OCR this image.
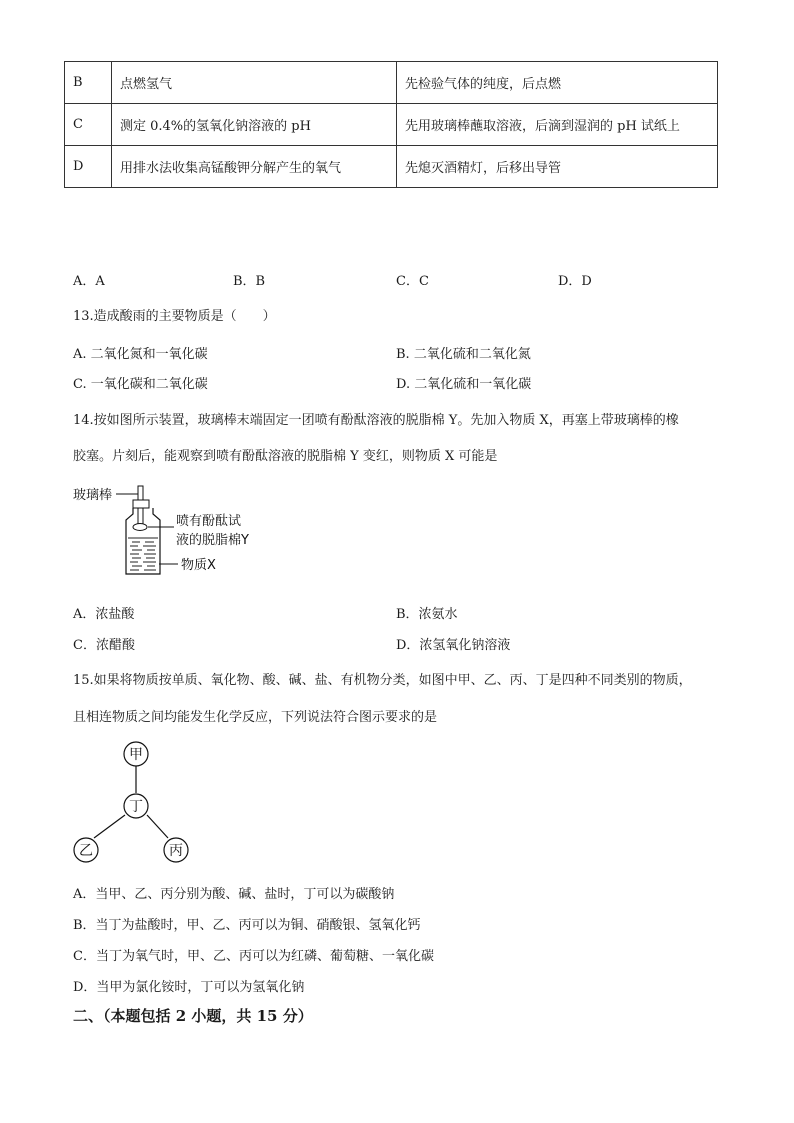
B	点燃氢气	先检验气体的纯度，后点燃
C	测定 0.4%的氢氧化钠溶液的 pH	先用玻璃棒蘸取溶液，后滴到湿润的 pH 试纸上
D	用排水法收集高锰酸钾分解产生的氧气	先熄灭酒精灯，后移出导管
A．A	B．B	C．C	D．D
13.造成酸雨的主要物质是（　　）
A. 二氧化氮和一氧化碳	B. 二氧化硫和二氧化氮
C. 一氧化碳和二氧化碳	D. 二氧化硫和一氧化碳
14.按如图所示装置，玻璃棒末端固定一团喷有酚酞溶液的脱脂棉 Y。先加入物质 X，再塞上带玻璃棒的橡
胶塞。片刻后，能观察到喷有酚酞溶液的脱脂棉 Y 变红，则物质 X 可能是
玻璃棒
喷有酚酞试
液的脱脂棉Y
物质X
A．浓盐酸	B．浓氨水
C．浓醋酸	D．浓氢氧化钠溶液
15.如果将物质按单质、氧化物、酸、碱、盐、有机物分类，如图中甲、乙、丙、丁是四种不同类别的物质，
且相连物质之间均能发生化学反应，下列说法符合图示要求的是
甲
丁
乙	丙
A．当甲、乙、丙分别为酸、碱、盐时，丁可以为碳酸钠
B．当丁为盐酸时，甲、乙、丙可以为铜、硝酸银、氢氧化钙
C．当丁为氧气时，甲、乙、丙可以为红磷、葡萄糖、一氧化碳
D．当甲为氯化铵时，丁可以为氢氧化钠
二、（本题包括 2 小题，共 15 分）
